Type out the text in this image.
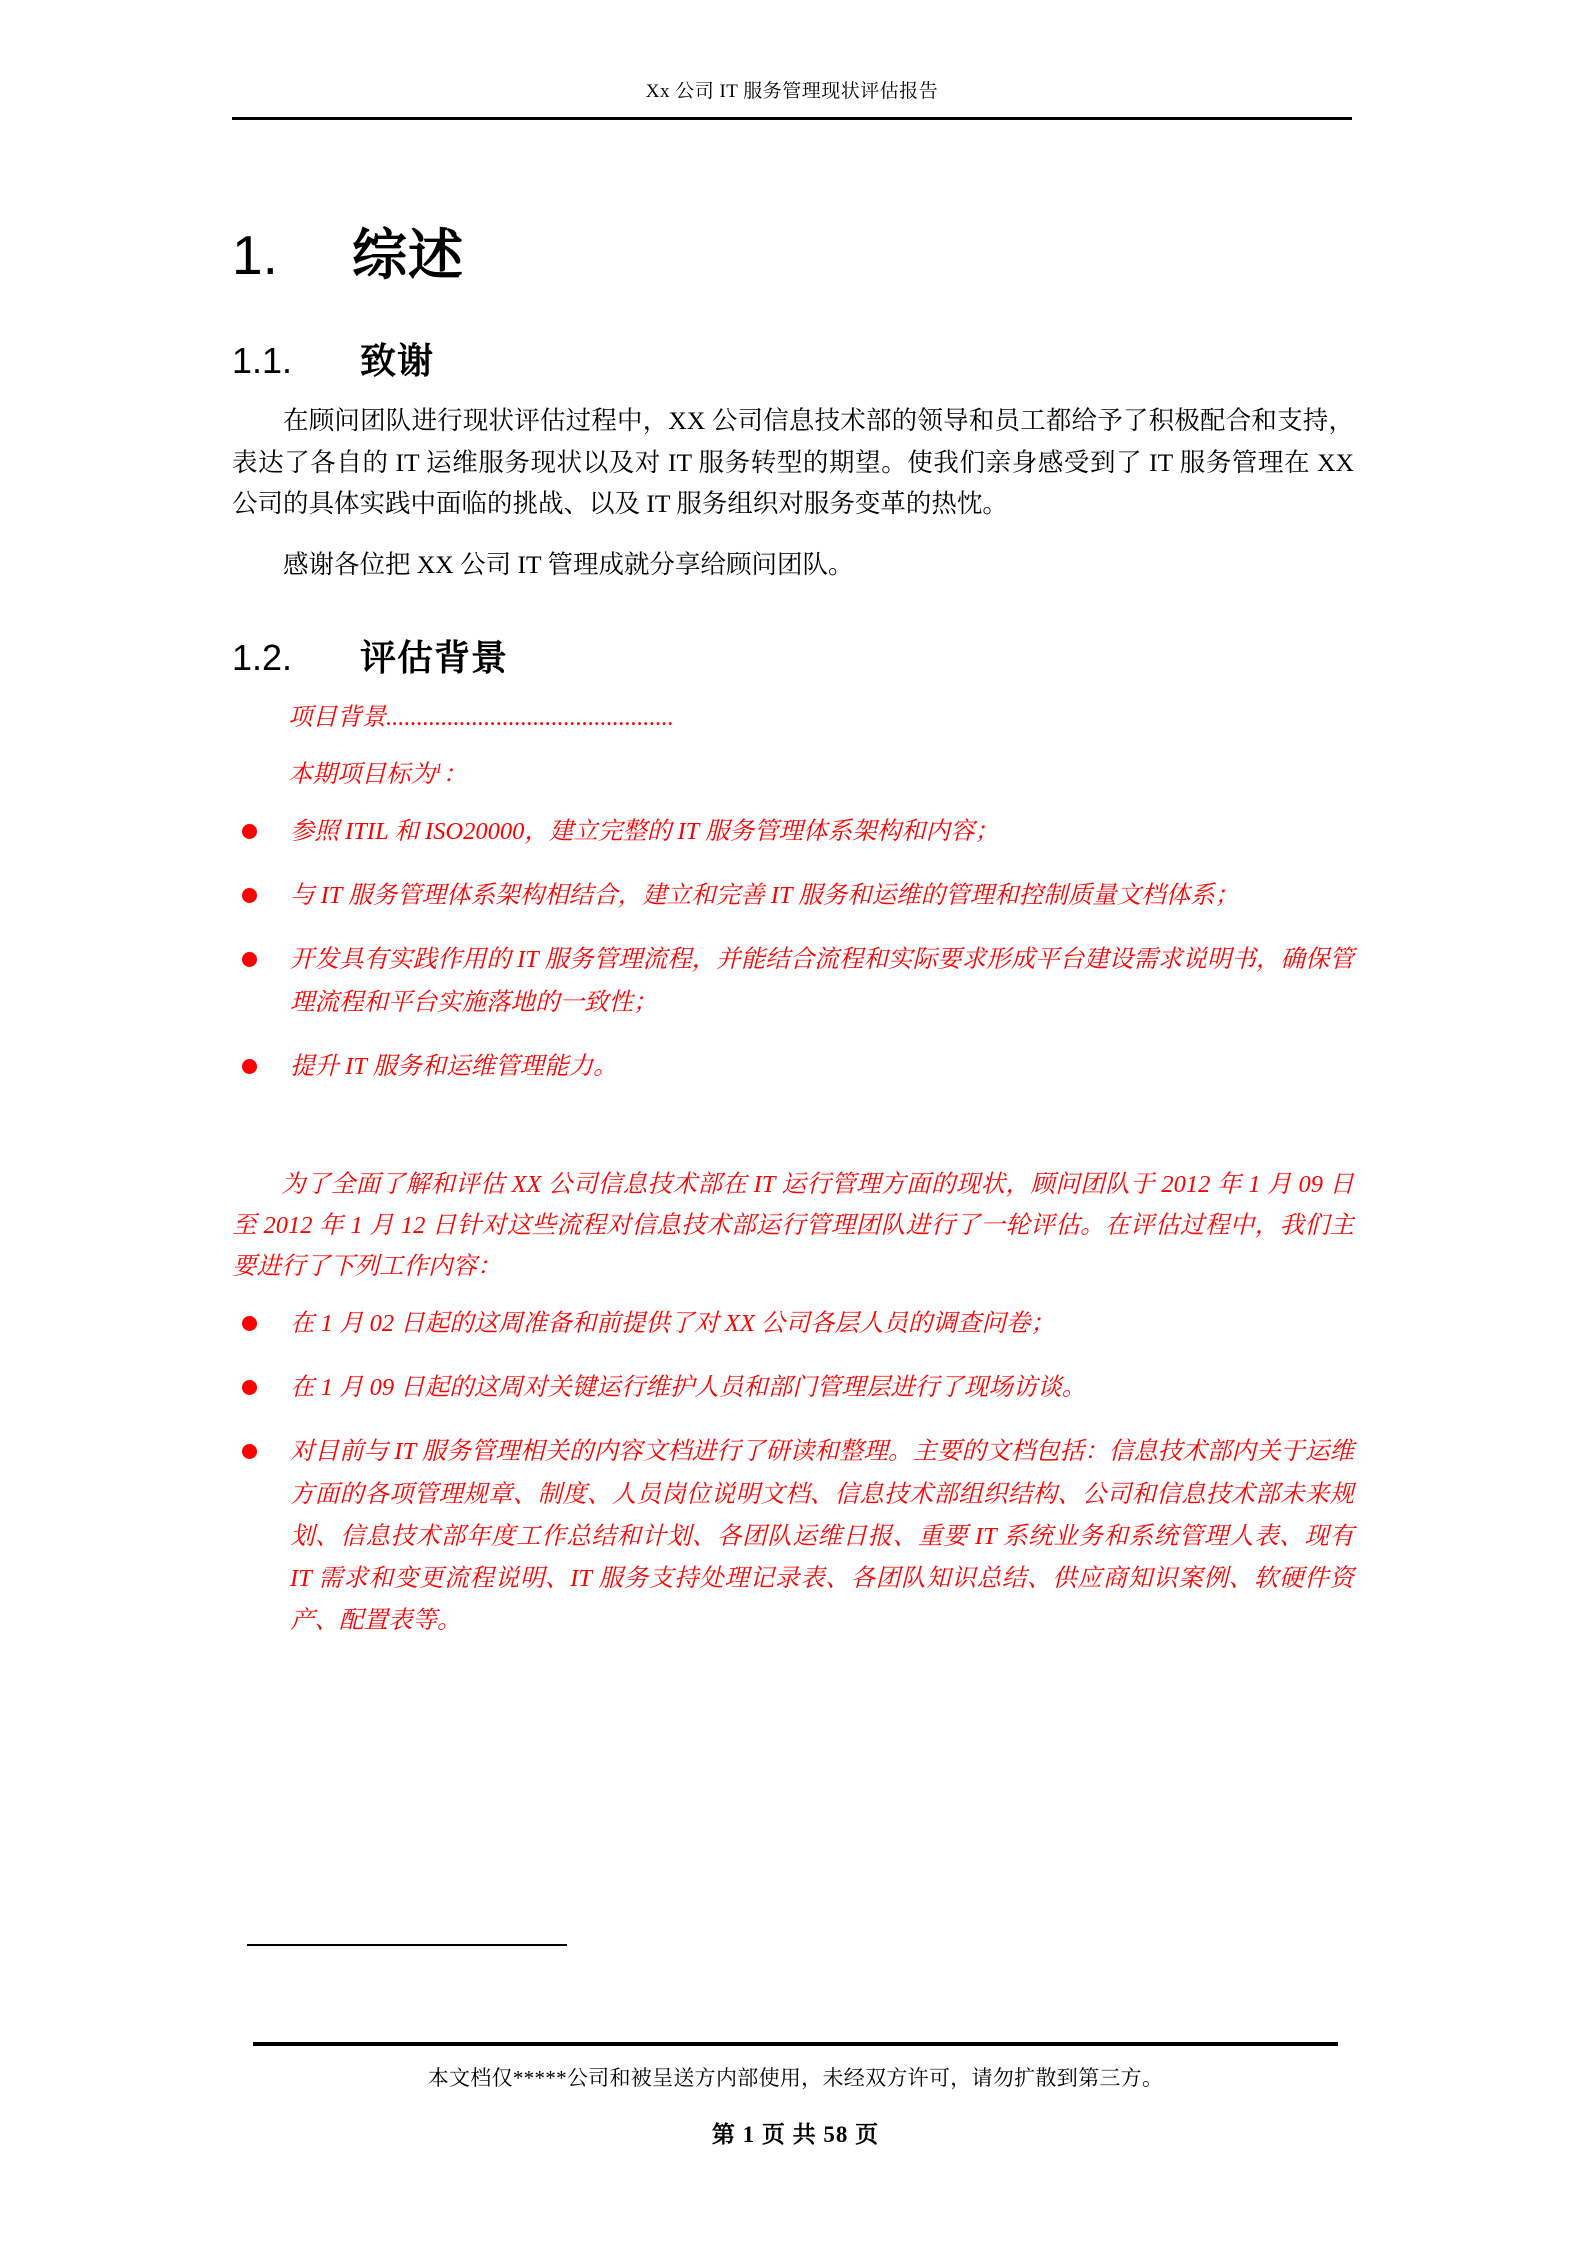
Xx 公司 IT 服务管理现状评估报告
1.	综述
1.1.	致谢

在顾问团队进行现状评估过程中，XX 公司信息技术部的领导和员工都给予了积极配合和支持，表达了各自的 IT 运维服务现状以及对 IT 服务转型的期望。使我们亲身感受到了 IT 服务管理在 XX 公司的具体实践中面临的挑战、以及 IT 服务组织对服务变革的热忱。

感谢各位把 XX 公司 IT 管理成就分享给顾问团队。

1.2.	评估背景

项目背景...............................................

本期项目标为$^1$：

参照 ITIL 和 ISO20000，建立完整的 IT 服务管理体系架构和内容；
与 IT 服务管理体系架构相结合，建立和完善 IT 服务和运维的管理和控制质量文档体系；
开发具有实践作用的 IT 服务管理流程，并能结合流程和实际要求形成平台建设需求说明书，确保管理流程和平台实施落地的一致性；
提升 IT 服务和运维管理能力。

为了全面了解和评估 XX 公司信息技术部在 IT 运行管理方面的现状，顾问团队于 2012 年 1 月 09 日至 2012 年 1 月 12 日针对这些流程对信息技术部运行管理团队进行了一轮评估。在评估过程中，我们主要进行了下列工作内容：

在 1 月 02 日起的这周准备和前提供了对 XX 公司各层人员的调查问卷；
在 1 月 09 日起的这周对关键运行维护人员和部门管理层进行了现场访谈。
对目前与 IT 服务管理相关的内容文档进行了研读和整理。主要的文档包括：信息技术部内关于运维方面的各项管理规章、制度、人员岗位说明文档、信息技术部组织结构、公司和信息技术部未来规划、信息技术部年度工作总结和计划、各团队运维日报、重要 IT 系统业务和系统管理人表、现有 IT 需求和变更流程说明、IT 服务支持处理记录表、各团队知识总结、供应商知识案例、软硬件资产、配置表等。
本文档仅*****公司和被呈送方内部使用，未经双方许可，请勿扩散到第三方。
第 1 页 共 58 页
